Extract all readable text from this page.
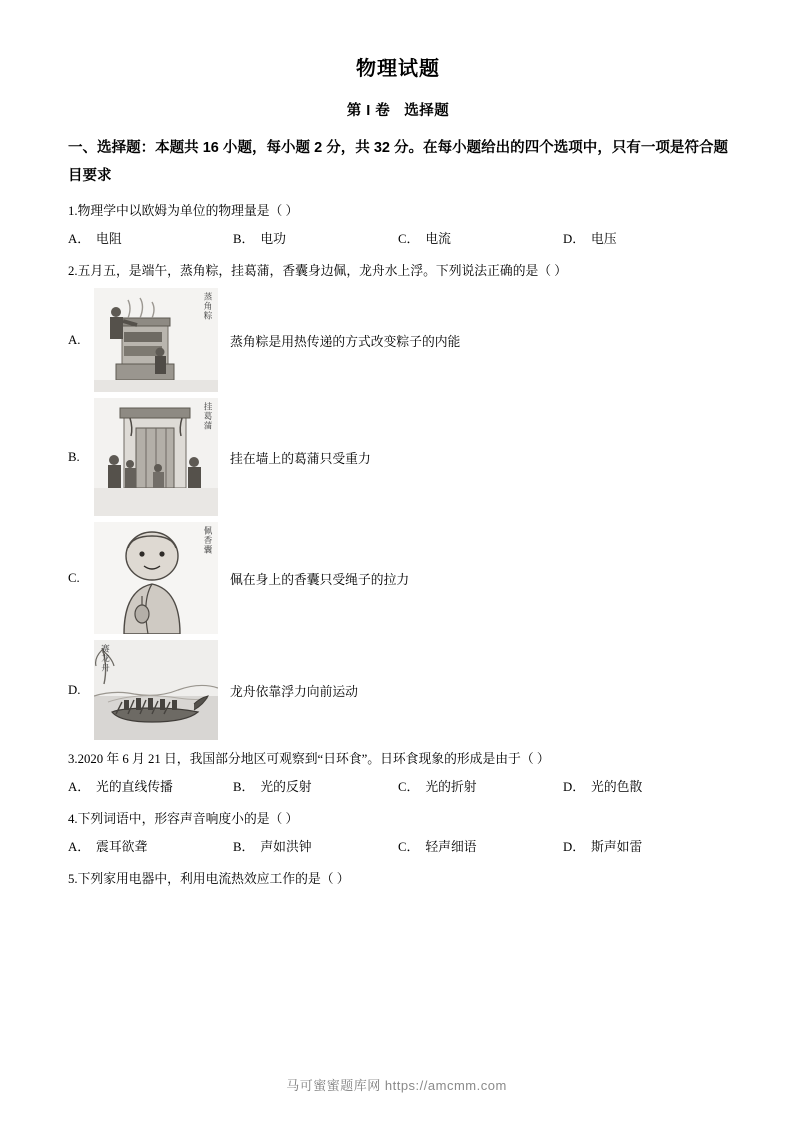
物理试题
第 I 卷 选择题
一、选择题：本题共 16 小题，每小题 2 分，共 32 分。在每小题给出的四个选项中，只有一项是符合题目要求
1.物理学中以欧姆为单位的物理量是（ ）
A． 电阻	B． 电功	C． 电流	D． 电压
2.五月五，是端午，蒸角粽，挂葛蒲，香囊身边佩，龙舟水上浮。下列说法正确的是（ ）
A.
蒸角粽
蒸角粽是用热传递的方式改变粽子的内能
B.
挂葛蒲
挂在墙上的葛蒲只受重力
C.
佩香囊
佩在身上的香囊只受绳子的拉力
D.
赛龙舟
龙舟依靠浮力向前运动
3.2020 年 6 月 21 日，我国部分地区可观察到“日环食”。日环食现象的形成是由于（ ）
A． 光的直线传播	B． 光的反射	C． 光的折射	D． 光的色散
4.下列词语中，形容声音响度小的是（ ）
A． 震耳欲聋	B． 声如洪钟	C． 轻声细语	D． 斯声如雷
5.下列家用电器中，利用电流热效应工作的是（ ）
马可蜜蜜题库网 https://amcmm.com
